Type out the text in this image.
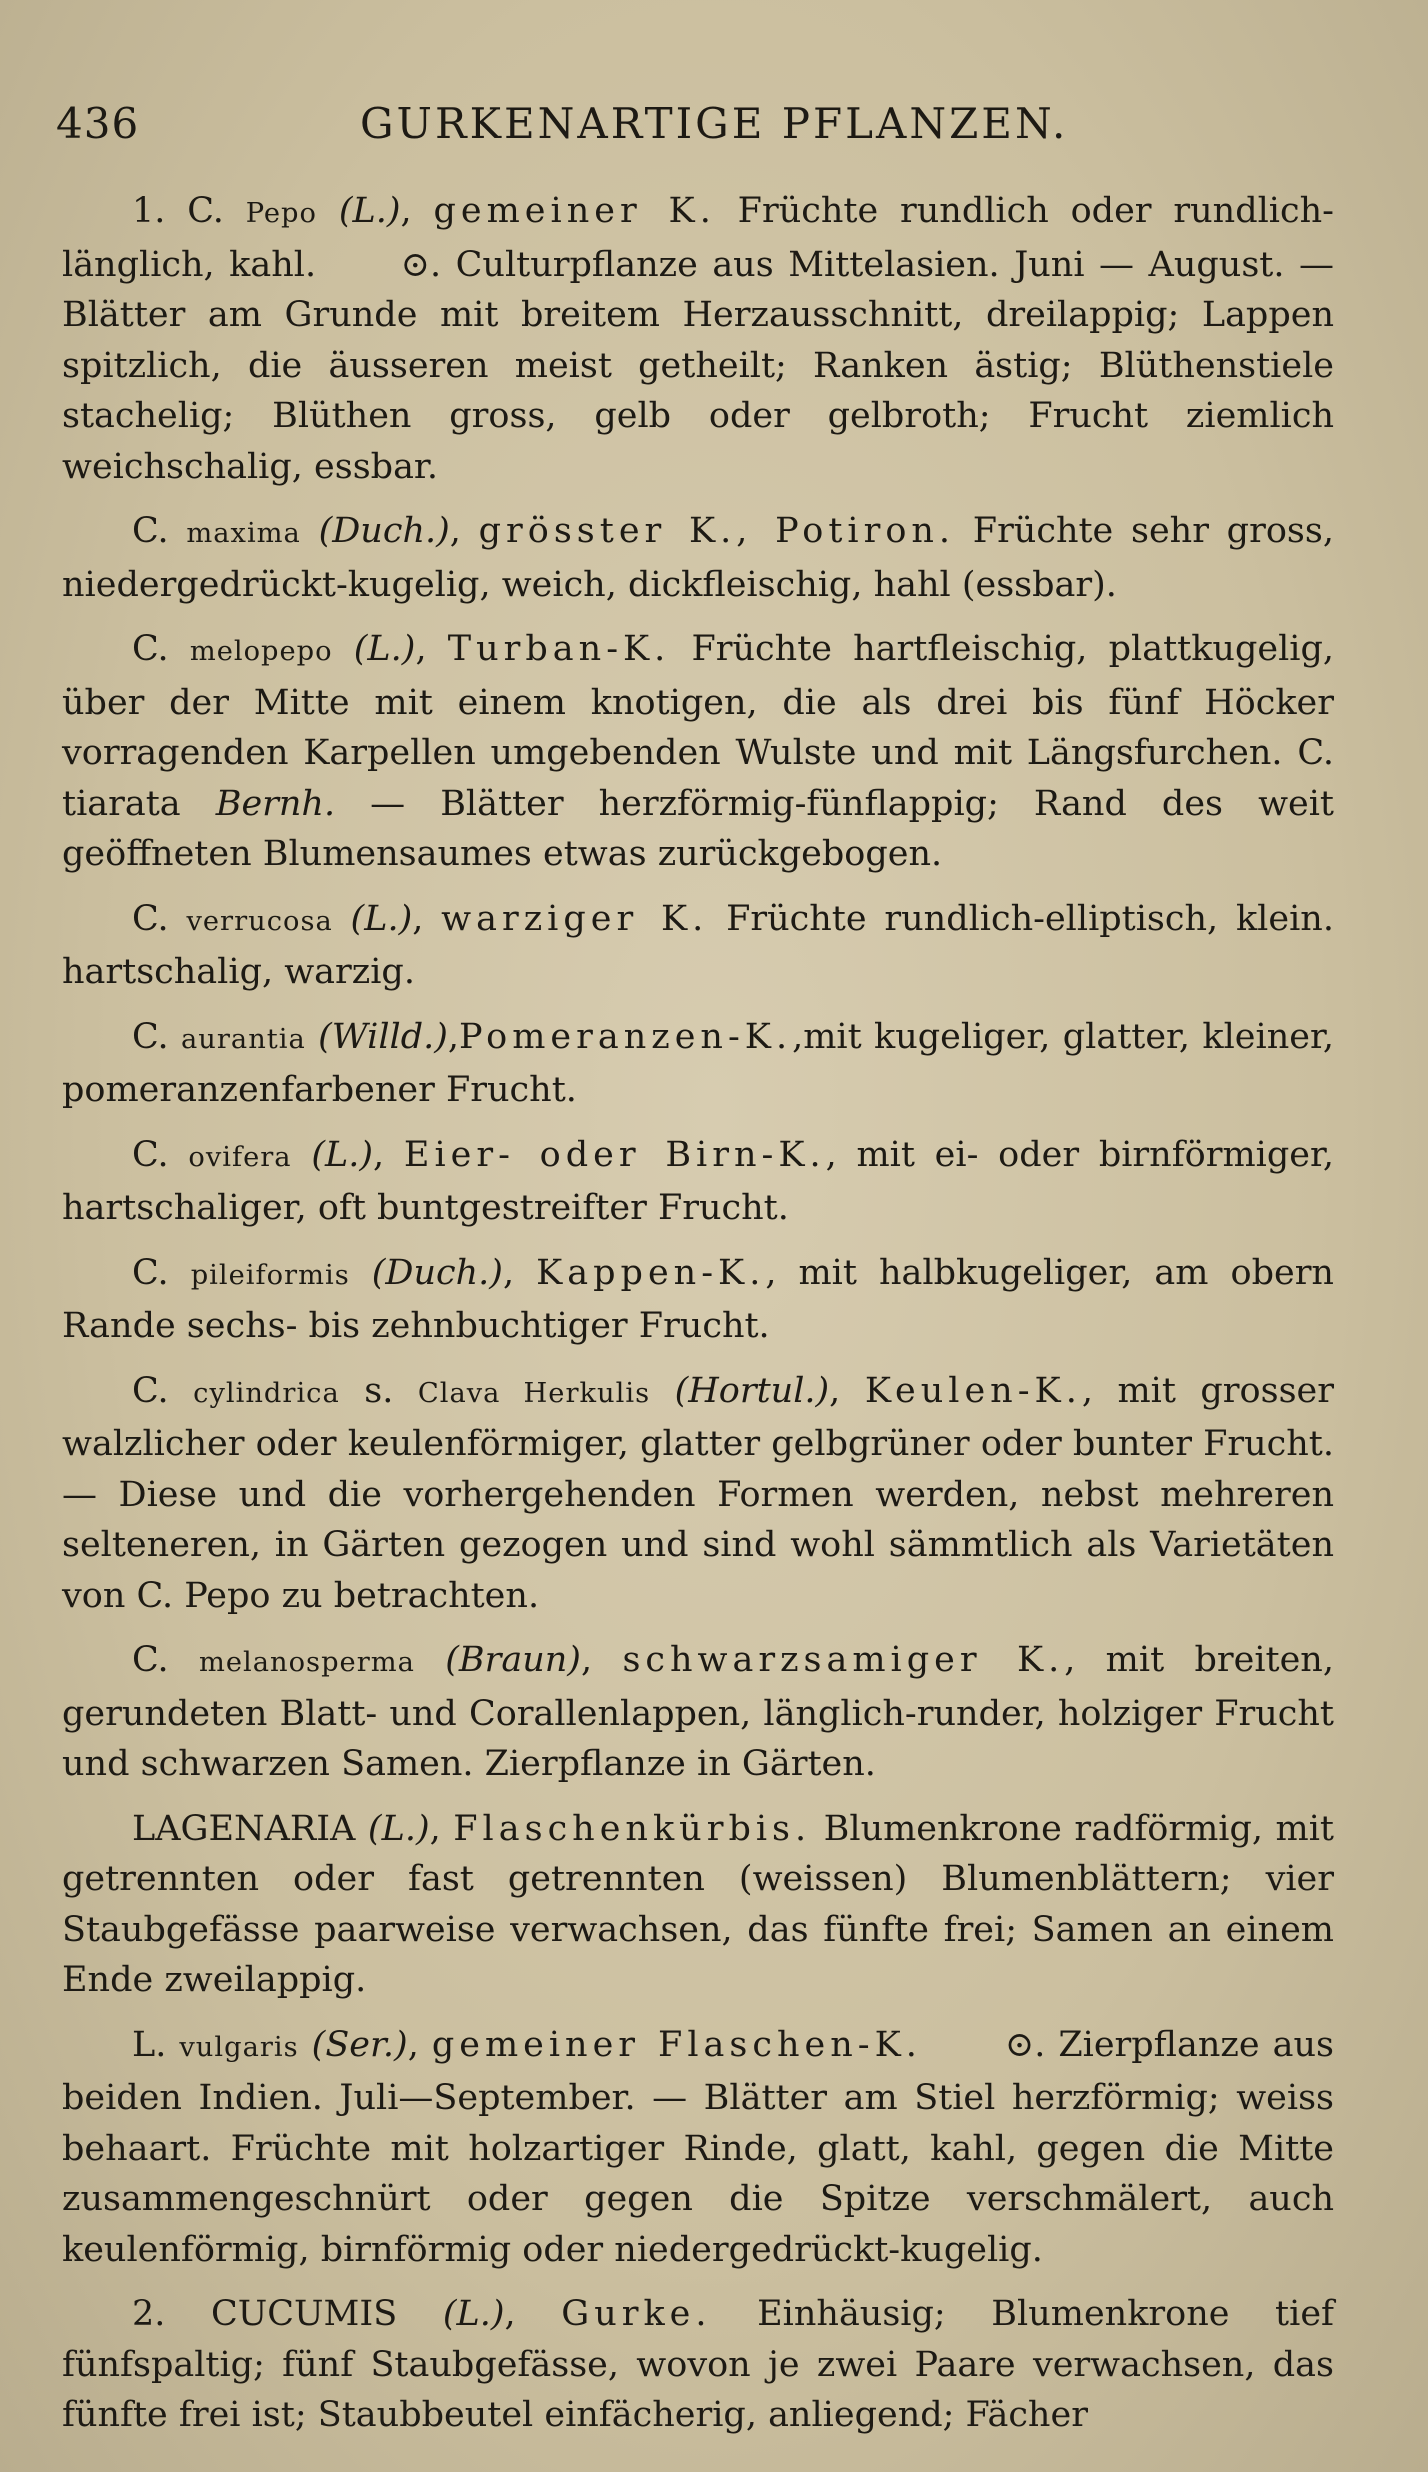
436	GURKENARTIGE PFLANZEN.

1. C. Pepo (L.), gemeiner K. Früchte rundlich oder rundlich-länglich, kahl. ⊙. Culturpflanze aus Mittelasien. Juni — August. — Blätter am Grunde mit breitem Herzausschnitt, dreilappig; Lappen spitzlich, die äusseren meist getheilt; Ranken ästig; Blüthenstiele stachelig; Blüthen gross, gelb oder gelbroth; Frucht ziemlich weichschalig, essbar.

C. maxima (Duch.), grösster K., Potiron. Früchte sehr gross, niedergedrückt-kugelig, weich, dickfleischig, hahl (essbar).

C. melopepo (L.), Turban-K. Früchte hartfleischig, plattkugelig, über der Mitte mit einem knotigen, die als drei bis fünf Höcker vorragenden Karpellen umgebenden Wulste und mit Längsfurchen. C. tiarata Bernh. — Blätter herzförmig-fünflappig; Rand des weit geöffneten Blumensaumes etwas zurückgebogen.

C. verrucosa (L.), warziger K. Früchte rundlich-elliptisch, klein. hartschalig, warzig.

C. aurantia (Willd.),Pomeranzen-K.,mit kugeliger, glatter, kleiner, pomeranzenfarbener Frucht.

C. ovifera (L.), Eier- oder Birn-K., mit ei- oder birnförmiger, hartschaliger, oft buntgestreifter Frucht.

C. pileiformis (Duch.), Kappen-K., mit halbkugeliger, am obern Rande sechs- bis zehnbuchtiger Frucht.

C. cylindrica s. Clava Herkulis (Hortul.), Keulen-K., mit grosser walzlicher oder keulenförmiger, glatter gelbgrüner oder bunter Frucht. — Diese und die vorhergehenden Formen werden, nebst mehreren selteneren, in Gärten gezogen und sind wohl sämmtlich als Varietäten von C. Pepo zu betrachten.

C. melanosperma (Braun), schwarzsamiger K., mit breiten, gerundeten Blatt- und Corallenlappen, länglich-runder, holziger Frucht und schwarzen Samen. Zierpflanze in Gärten.

LAGENARIA (L.), Flaschenkürbis. Blumenkrone radförmig, mit getrennten oder fast getrennten (weissen) Blumenblättern; vier Staubgefässe paarweise verwachsen, das fünfte frei; Samen an einem Ende zweilappig.

L. vulgaris (Ser.), gemeiner Flaschen-K. ⊙. Zierpflanze aus beiden Indien. Juli—September. — Blätter am Stiel herzförmig; weiss behaart. Früchte mit holzartiger Rinde, glatt, kahl, gegen die Mitte zusammengeschnürt oder gegen die Spitze verschmälert, auch keulenförmig, birnförmig oder niedergedrückt-kugelig.

2. CUCUMIS (L.), Gurke. Einhäusig; Blumenkrone tief fünfspaltig; fünf Staubgefässe, wovon je zwei Paare verwachsen, das fünfte frei ist; Staubbeutel einfächerig, anliegend; Fächer
